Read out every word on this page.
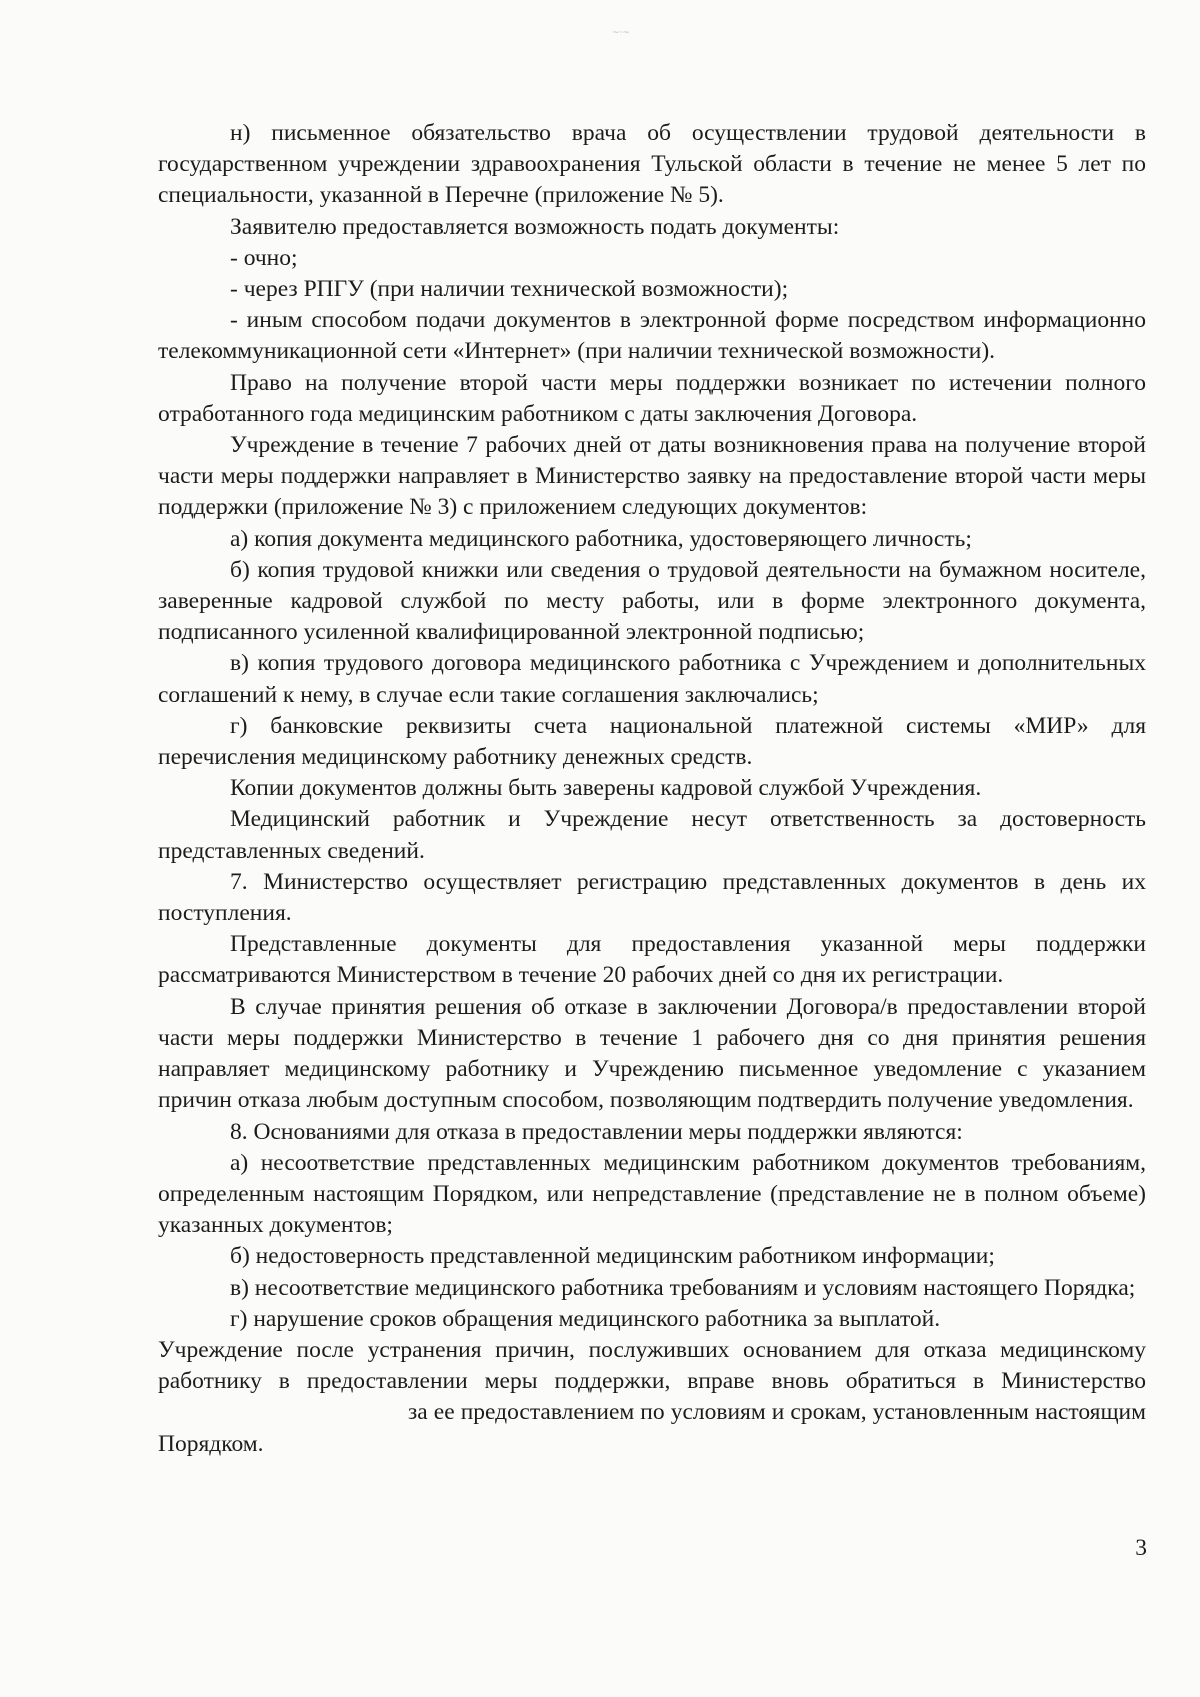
~·~

н) письменное обязательство врача об осуществлении трудовой деятельности в государственном учреждении здравоохранения Тульской области в течение не менее 5 лет по специальности, указанной в Перечне (приложение № 5).

Заявителю предоставляется возможность подать документы:

- очно;

- через РПГУ (при наличии технической возможности);

- иным способом подачи документов в электронной форме посредством информационно телекоммуникационной сети «Интернет» (при наличии технической возможности).

Право на получение второй части меры поддержки возникает по истечении полного отработанного года медицинским работником с даты заключения Договора.

Учреждение в течение 7 рабочих дней от даты возникновения права на получение второй части меры поддержки направляет в Министерство заявку на предоставление второй части меры поддержки (приложение № 3) с приложением следующих документов:

а) копия документа медицинского работника, удостоверяющего личность;

б) копия трудовой книжки или сведения о трудовой деятельности на бумажном носителе, заверенные кадровой службой по месту работы, или в форме электронного документа, подписанного усиленной квалифицированной электронной подписью;

в) копия трудового договора медицинского работника с Учреждением и дополнительных соглашений к нему, в случае если такие соглашения заключались;

г) банковские реквизиты счета национальной платежной системы «МИР» для перечисления медицинскому работнику денежных средств.

Копии документов должны быть заверены кадровой службой Учреждения.

Медицинский работник и Учреждение несут ответственность за достоверность представленных сведений.

7. Министерство осуществляет регистрацию представленных документов в день их поступления.

Представленные документы для предоставления указанной меры поддержки рассматриваются Министерством в течение 20 рабочих дней со дня их регистрации.

В случае принятия решения об отказе в заключении Договора/в предоставлении второй части меры поддержки Министерство в течение 1 рабочего дня со дня принятия решения направляет медицинскому работнику и Учреждению письменное уведомление с указанием причин отказа любым доступным способом, позволяющим подтвердить получение уведомления.

8. Основаниями для отказа в предоставлении меры поддержки являются:

а) несоответствие представленных медицинским работником документов требованиям, определенным настоящим Порядком, или непредставление (представление не в полном объеме) указанных документов;

б) недостоверность представленной медицинским работником информации;

в) несоответствие медицинского работника требованиям и условиям настоящего Порядка;

г) нарушение сроков обращения медицинского работника за выплатой.

Учреждение после устранения причин, послуживших основанием для отказа медицинскому работнику в предоставлении меры поддержки, вправе вновь обратиться в Министерствоза ее предоставлением по условиям и срокам, установленным настоящим Порядком.

3
